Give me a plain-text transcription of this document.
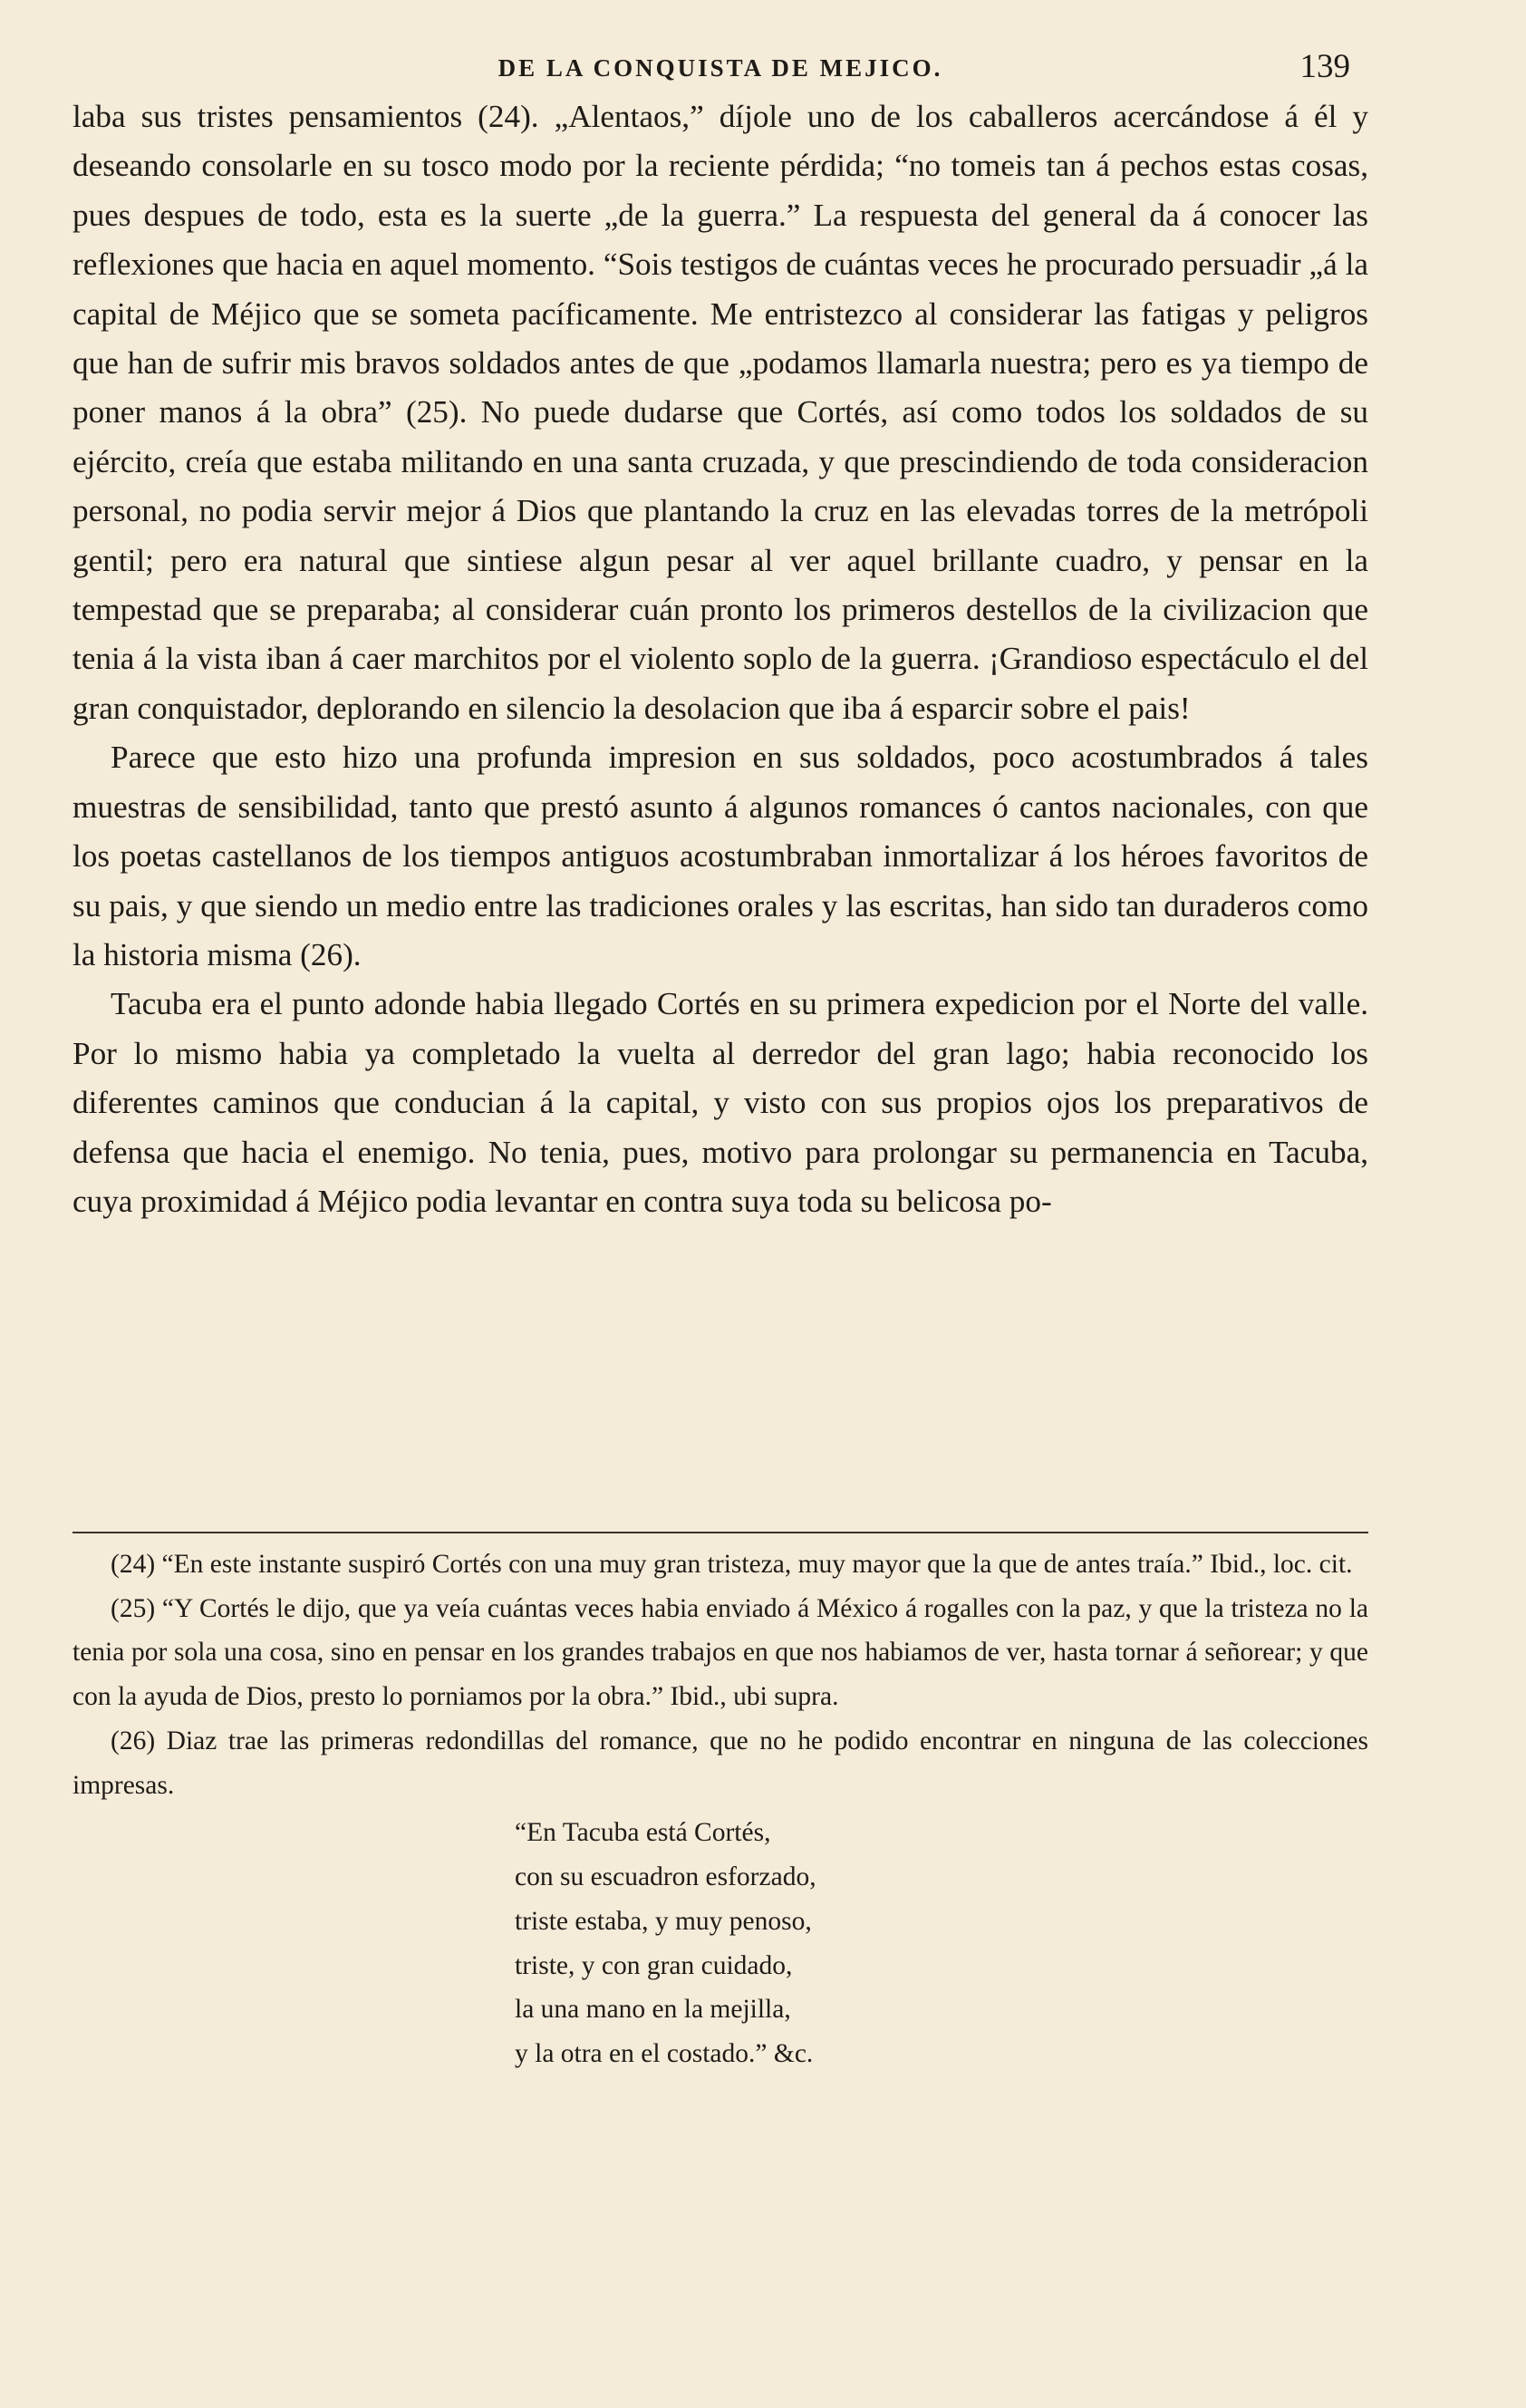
DE LA CONQUISTA DE MEJICO.	139

laba sus tristes pensamientos (24). „Alentaos,” díjole uno de los caballeros acercándose á él y deseando consolarle en su tosco modo por la reciente pérdida; “no tomeis tan á pechos estas cosas, pues despues de todo, esta es la suerte „de la guerra.” La respuesta del general da á conocer las reflexiones que hacia en aquel momento. “Sois testigos de cuántas veces he procurado persuadir „á la capital de Méjico que se someta pacíficamente. Me entristezco al considerar las fatigas y peligros que han de sufrir mis bravos soldados antes de que „podamos llamarla nuestra; pero es ya tiempo de poner manos á la obra” (25). No puede dudarse que Cortés, así como todos los soldados de su ejército, creía que estaba militando en una santa cruzada, y que prescindiendo de toda consideracion personal, no podia servir mejor á Dios que plantando la cruz en las elevadas torres de la metrópoli gentil; pero era natural que sintiese algun pesar al ver aquel brillante cuadro, y pensar en la tempestad que se preparaba; al considerar cuán pronto los primeros destellos de la civilizacion que tenia á la vista iban á caer marchitos por el violento soplo de la guerra. ¡Grandioso espectáculo el del gran conquistador, deplorando en silencio la desolacion que iba á esparcir sobre el pais!

Parece que esto hizo una profunda impresion en sus soldados, poco acostumbrados á tales muestras de sensibilidad, tanto que prestó asunto á algunos romances ó cantos nacionales, con que los poetas castellanos de los tiempos antiguos acostumbraban inmortalizar á los héroes favoritos de su pais, y que siendo un medio entre las tradiciones orales y las escritas, han sido tan duraderos como la historia misma (26).

Tacuba era el punto adonde habia llegado Cortés en su primera expedicion por el Norte del valle. Por lo mismo habia ya completado la vuelta al derredor del gran lago; habia reconocido los diferentes caminos que conducian á la capital, y visto con sus propios ojos los preparativos de defensa que hacia el enemigo. No tenia, pues, motivo para prolongar su permanencia en Tacuba, cuya proximidad á Méjico podia levantar en contra suya toda su belicosa po-

(24) “En este instante suspiró Cortés con una muy gran tristeza, muy mayor que la que de antes traía.” Ibid., loc. cit.

(25) “Y Cortés le dijo, que ya veía cuántas veces habia enviado á México á rogalles con la paz, y que la tristeza no la tenia por sola una cosa, sino en pensar en los grandes trabajos en que nos habiamos de ver, hasta tornar á señorear; y que con la ayuda de Dios, presto lo porniamos por la obra.” Ibid., ubi supra.

(26) Diaz trae las primeras redondillas del romance, que no he podido encontrar en ninguna de las colecciones impresas.

“En Tacuba está Cortés,
con su escuadron esforzado,
triste estaba, y muy penoso,
triste, y con gran cuidado,
la una mano en la mejilla,
y la otra en el costado.” &c.
